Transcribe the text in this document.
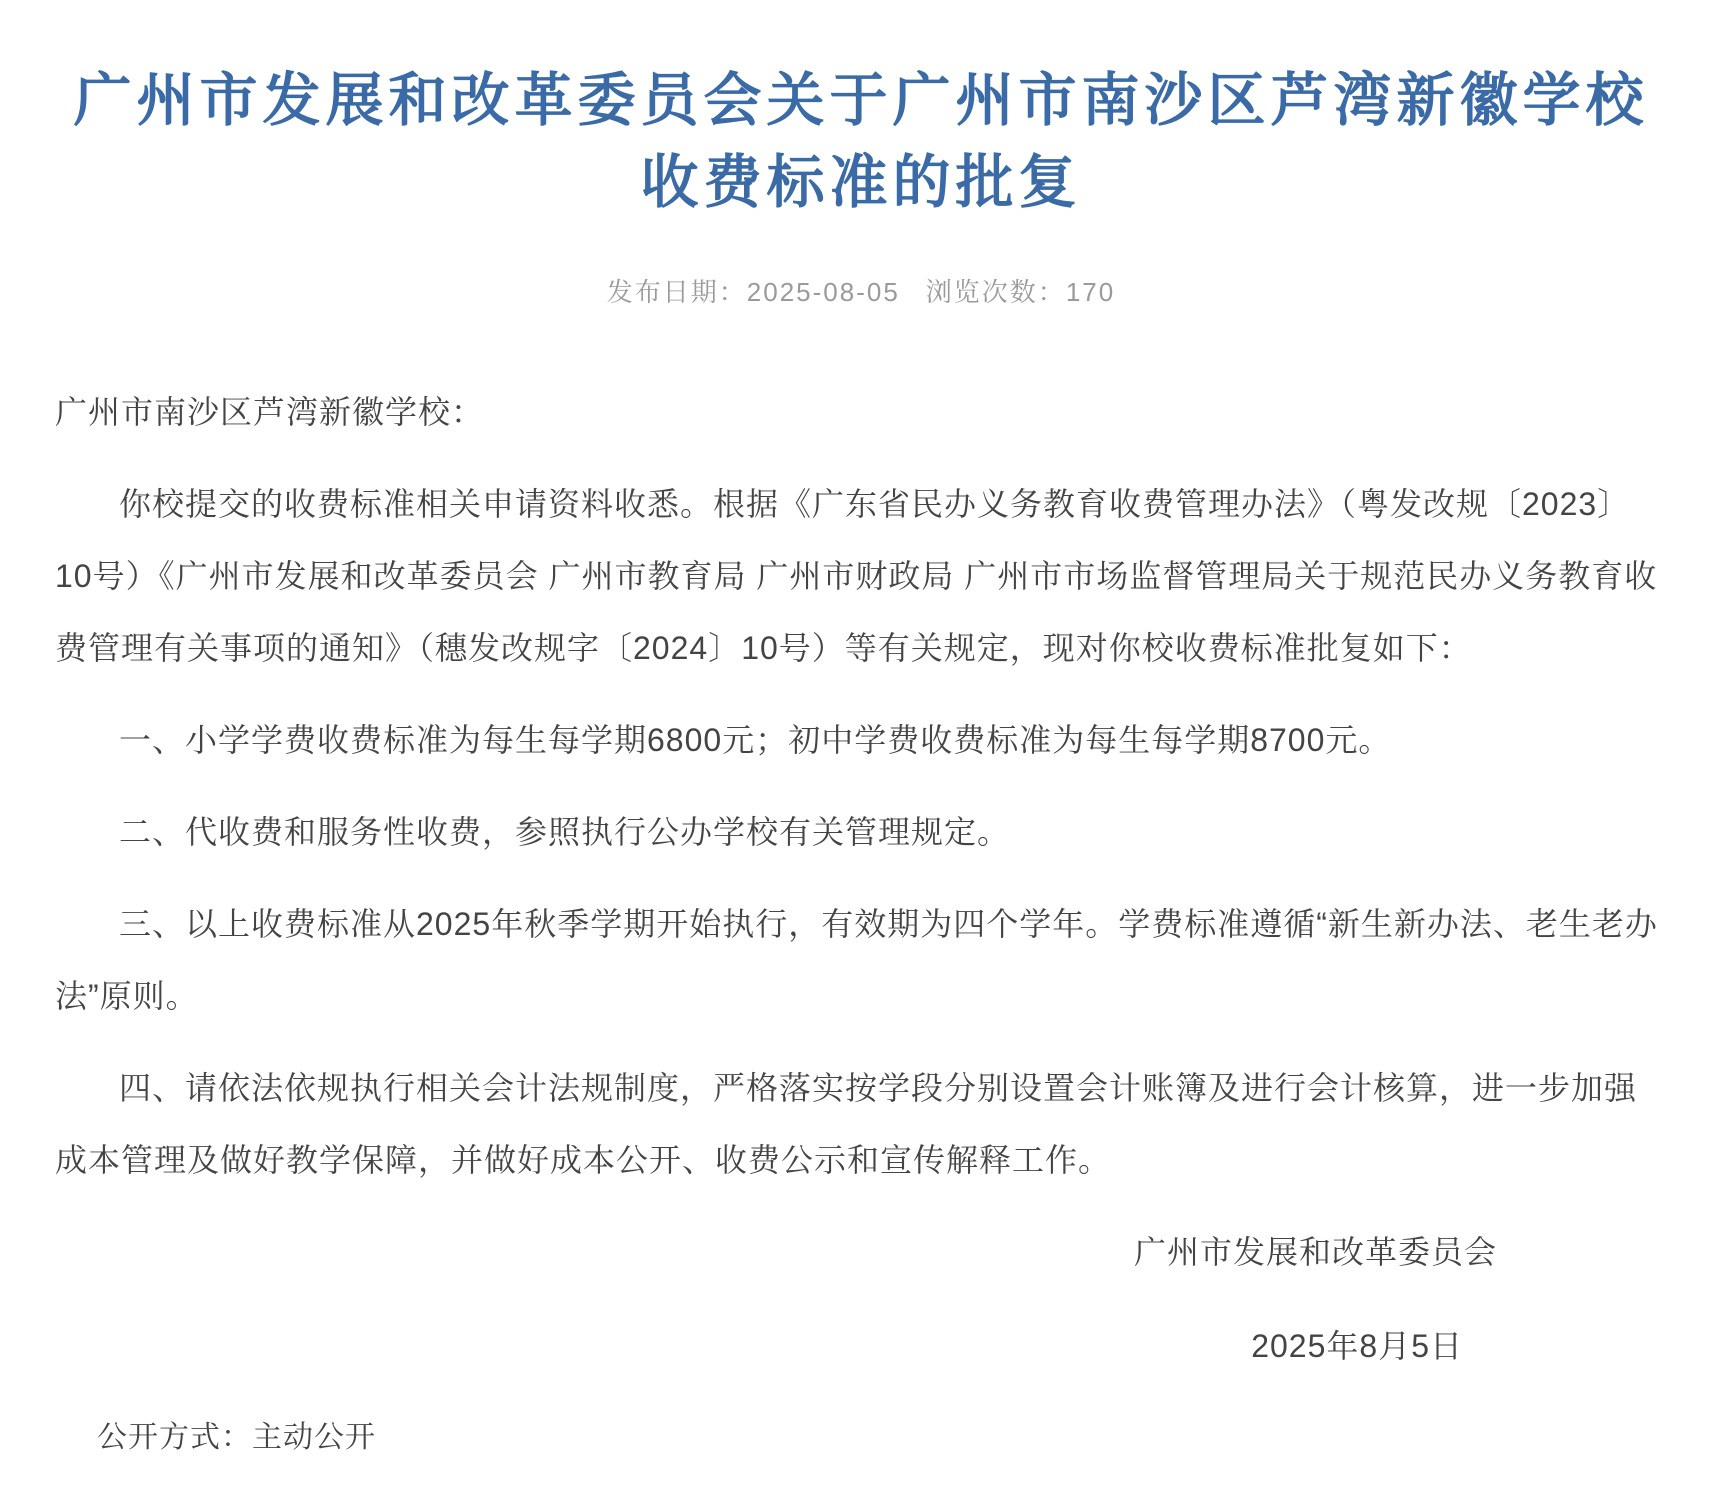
广州市发展和改革委员会关于广州市南沙区芦湾新徽学校收费标准的批复
发布日期：2025-08-05 浏览次数：170

广州市南沙区芦湾新徽学校：

你校提交的收费标准相关申请资料收悉。根据《广东省民办义务教育收费管理办法》（粤发改规〔2023〕10号）《广州市发展和改革委员会 广州市教育局 广州市财政局 广州市市场监督管理局关于规范民办义务教育收费管理有关事项的通知》（穗发改规字〔2024〕10号）等有关规定，现对你校收费标准批复如下：

一、小学学费收费标准为每生每学期6800元；初中学费收费标准为每生每学期8700元。

二、代收费和服务性收费，参照执行公办学校有关管理规定。

三、以上收费标准从2025年秋季学期开始执行，有效期为四个学年。学费标准遵循“新生新办法、老生老办法”原则。

四、请依法依规执行相关会计法规制度，严格落实按学段分别设置会计账簿及进行会计核算，进一步加强成本管理及做好教学保障，并做好成本公开、收费公示和宣传解释工作。

广州市发展和改革委员会

2025年8月5日

公开方式：主动公开
